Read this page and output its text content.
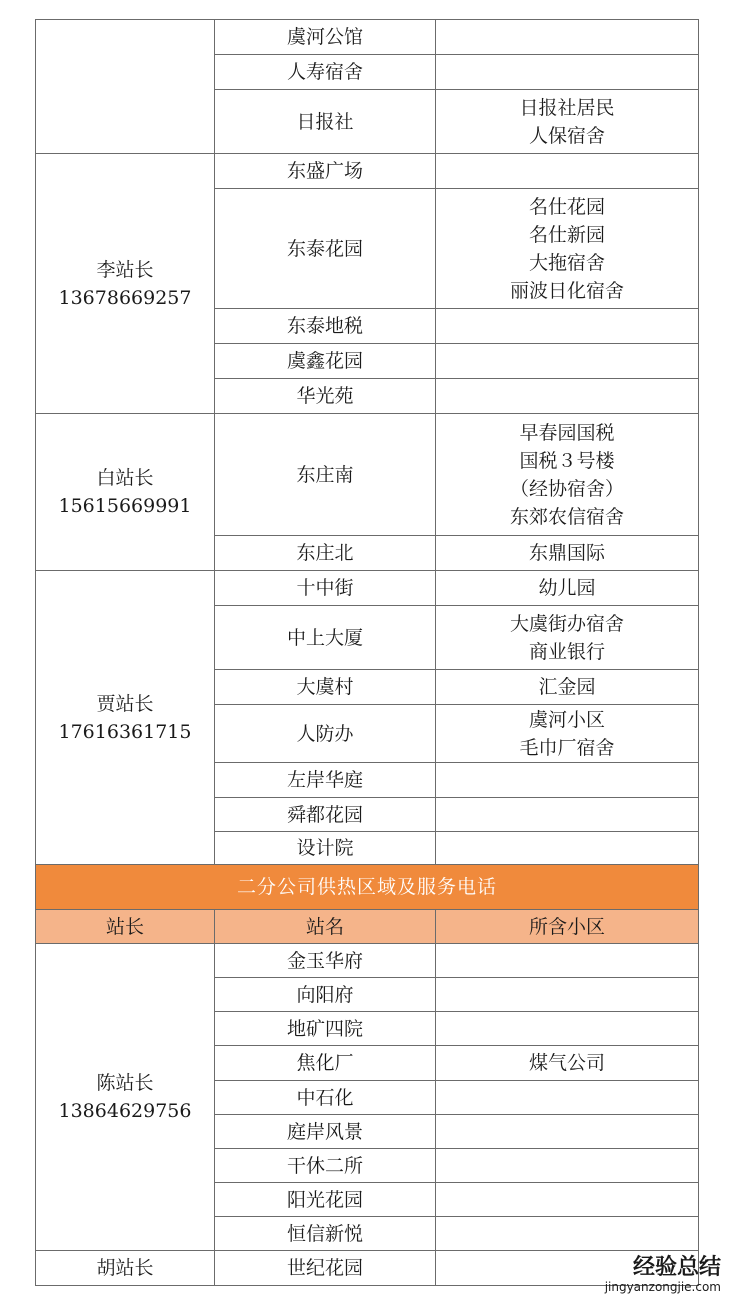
	虞河公馆	
	人寿宿舍	
	日报社	日报社居民
人保宿舍

李站长
13678669257	东盛广场	
	东泰花园	名仕花园
名仕新园
大拖宿舍
丽波日化宿舍

	东泰地税	
	虞鑫花园	
	华光苑	

白站长
15615669991	东庄南	早春园国税
国税３号楼
（经协宿舍）
东郊农信宿舍

	东庄北	东鼎国际

贾站长
17616361715	十中街	幼儿园

	中上大厦	大虞街办宿舍
商业银行

	大虞村	汇金园

	人防办	虞河小区
毛巾厂宿舍

	左岸华庭	
	舜都花园	
	设计院	
二分公司供热区域及服务电话		
站长	站名	所含小区

陈站长
13864629756	金玉华府	
	向阳府	
	地矿四院	
	焦化厂	煤气公司

	中石化	
	庭岸风景	
	干休二所	
	阳光花园	
	恒信新悦	

胡站长	世纪花园		经验总结
jingyanzongjie.com
